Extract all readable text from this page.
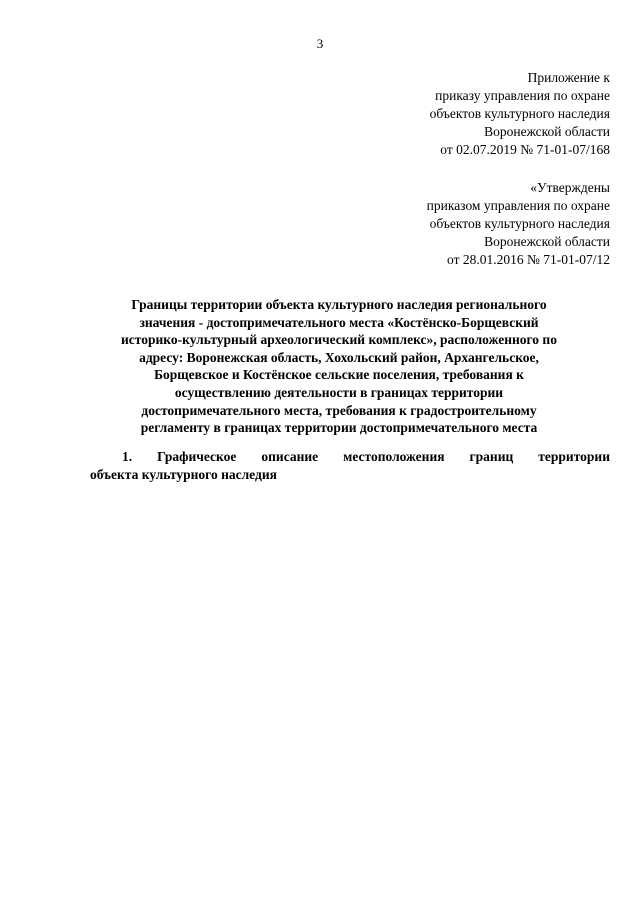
3
Приложение к
приказу управления по охране
объектов культурного наследия
Воронежской области
от 02.07.2019 № 71-01-07/168
«Утверждены
приказом управления по охране
объектов культурного наследия
Воронежской области
от 28.01.2016 № 71-01-07/12
Границы территории объекта культурного наследия регионального
значения - достопримечательного места «Костёнско-Борщевский
историко-культурный археологический комплекс», расположенного по
адресу: Воронежская область, Хохольский район, Архангельское,
Борщевское и Костёнское сельские поселения, требования к
осуществлению деятельности в границах территории
достопримечательного места, требования к градостроительному
регламенту в границах территории достопримечательного места
1. Графическое описание местоположения границ территории
объекта культурного наследия
